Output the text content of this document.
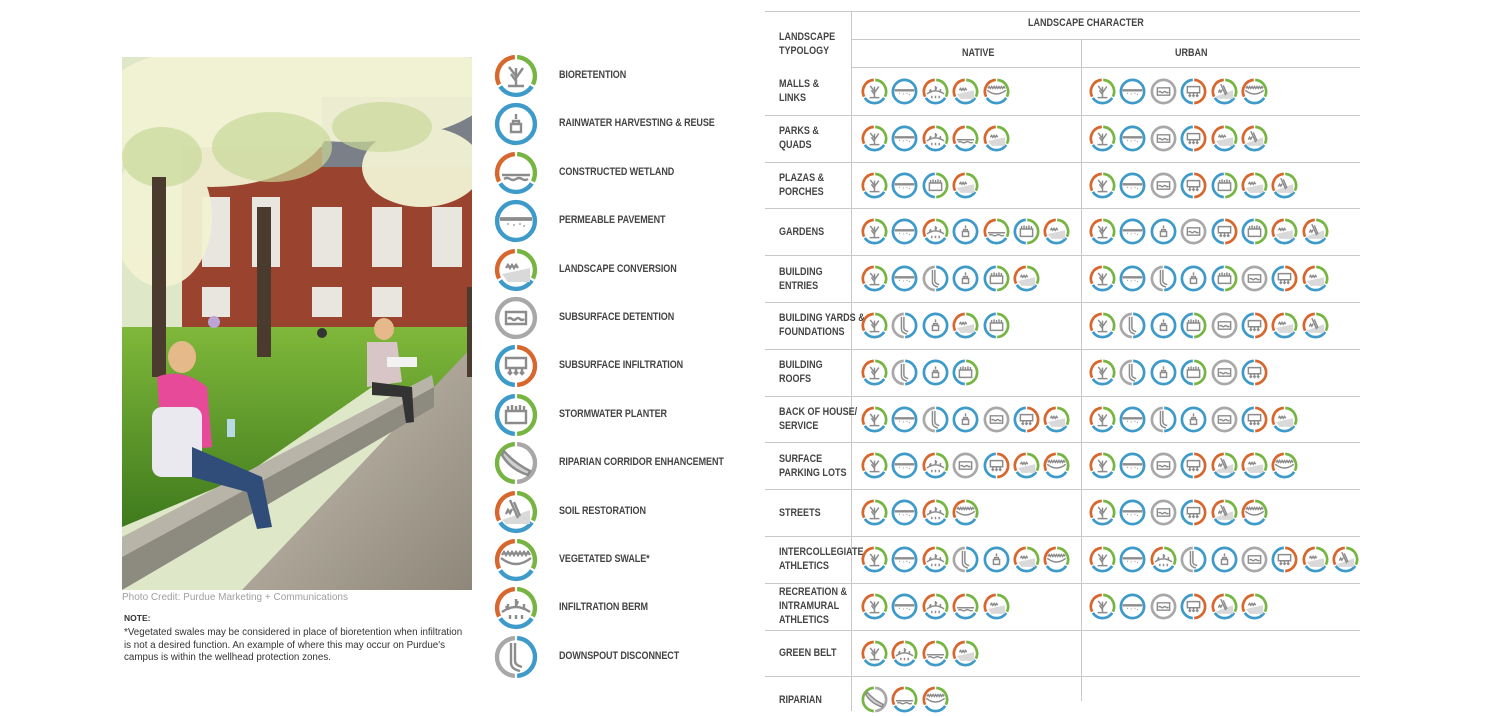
Photo Credit: Purdue Marketing + Communications
NOTE:
*Vegetated swales may be considered in place of bioretention when infiltration is not a desired function. An example of where this may occur on Purdue's campus is within the wellhead protection zones.
BIORETENTION
RAINWATER HARVESTING & REUSE
CONSTRUCTED WETLAND
PERMEABLE PAVEMENT
LANDSCAPE CONVERSION
SUBSURFACE DETENTION
SUBSURFACE INFILTRATION
STORMWATER PLANTER
RIPARIAN CORRIDOR ENHANCEMENT
SOIL RESTORATION
VEGETATED SWALE*
INFILTRATION BERM
DOWNSPOUT DISCONNECT
LANDSCAPE
TYPOLOGY
LANDSCAPE CHARACTER
NATIVE	URBAN
MALLS &
LINKS
PARKS &
QUADS
PLAZAS &
PORCHES
GARDENS
BUILDING
ENTRIES
BUILDING YARDS &
FOUNDATIONS
BUILDING
ROOFS
BACK OF HOUSE/
SERVICE
SURFACE
PARKING LOTS
STREETS
INTERCOLLEGIATE
ATHLETICS
RECREATION &
INTRAMURAL
ATHLETICS
GREEN BELT
RIPARIAN
